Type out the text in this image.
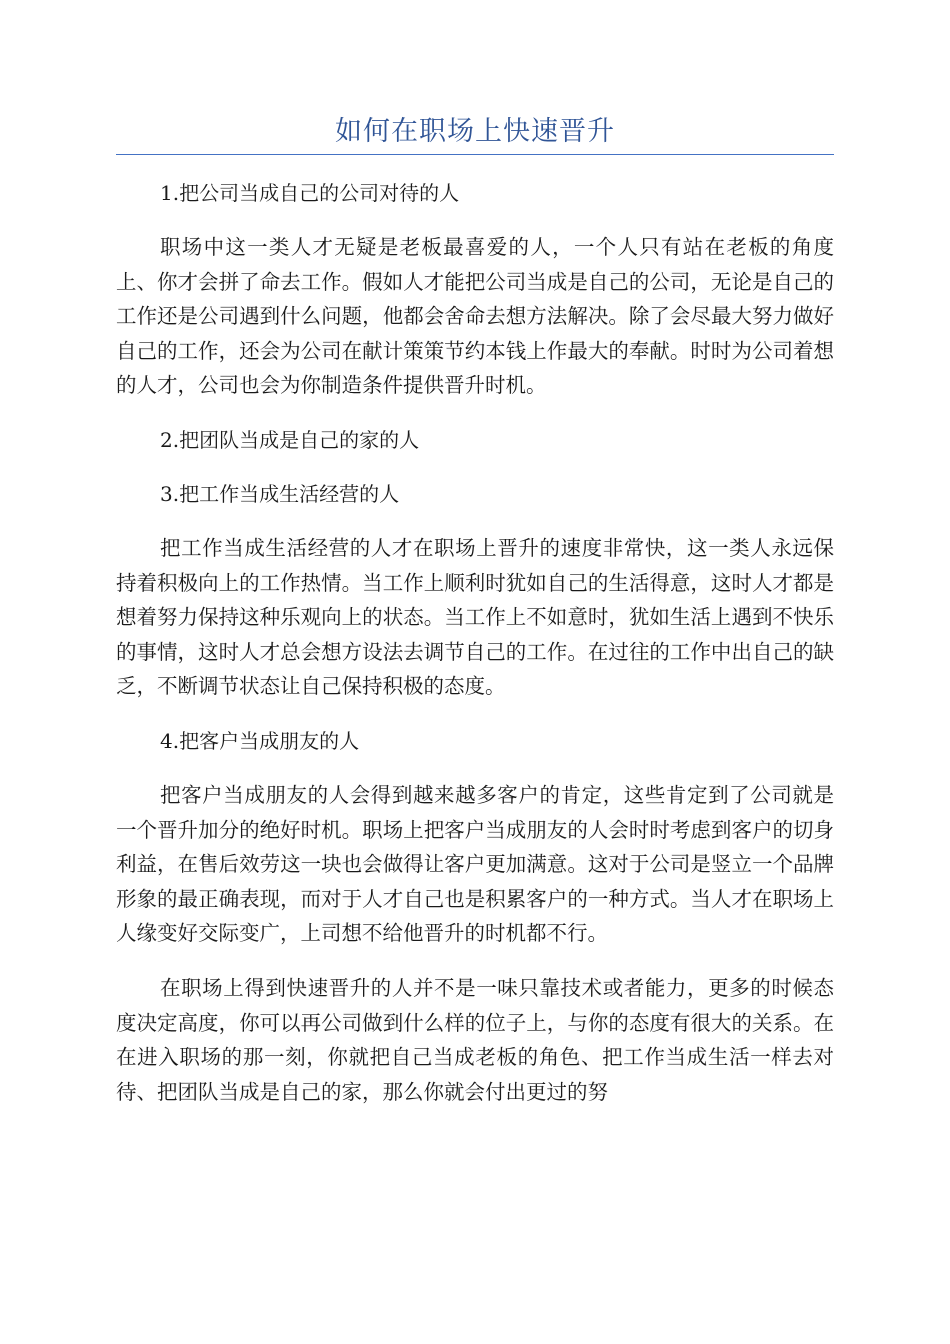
如何在职场上快速晋升

1.把公司当成自己的公司对待的人

职场中这一类人才无疑是老板最喜爱的人，一个人只有站在老板的角度上、你才会拼了命去工作。假如人才能把公司当成是自己的公司，无论是自己的工作还是公司遇到什么问题，他都会舍命去想方法解决。除了会尽最大努力做好自己的工作，还会为公司在献计策策节约本钱上作最大的奉献。时时为公司着想的人才，公司也会为你制造条件提供晋升时机。

2.把团队当成是自己的家的人

3.把工作当成生活经营的人

把工作当成生活经营的人才在职场上晋升的速度非常快，这一类人永远保持着积极向上的工作热情。当工作上顺利时犹如自己的生活得意，这时人才都是想着努力保持这种乐观向上的状态。当工作上不如意时，犹如生活上遇到不快乐的事情，这时人才总会想方设法去调节自己的工作。在过往的工作中出自己的缺乏，不断调节状态让自己保持积极的态度。

4.把客户当成朋友的人

把客户当成朋友的人会得到越来越多客户的肯定，这些肯定到了公司就是一个晋升加分的绝好时机。职场上把客户当成朋友的人会时时考虑到客户的切身利益，在售后效劳这一块也会做得让客户更加满意。这对于公司是竖立一个品牌形象的最正确表现，而对于人才自己也是积累客户的一种方式。当人才在职场上人缘变好交际变广，上司想不给他晋升的时机都不行。

在职场上得到快速晋升的人并不是一味只靠技术或者能力，更多的时候态度决定高度，你可以再公司做到什么样的位子上，与你的态度有很大的关系。在在进入职场的那一刻，你就把自己当成老板的角色、把工作当成生活一样去对待、把团队当成是自己的家，那么你就会付出更过的努
